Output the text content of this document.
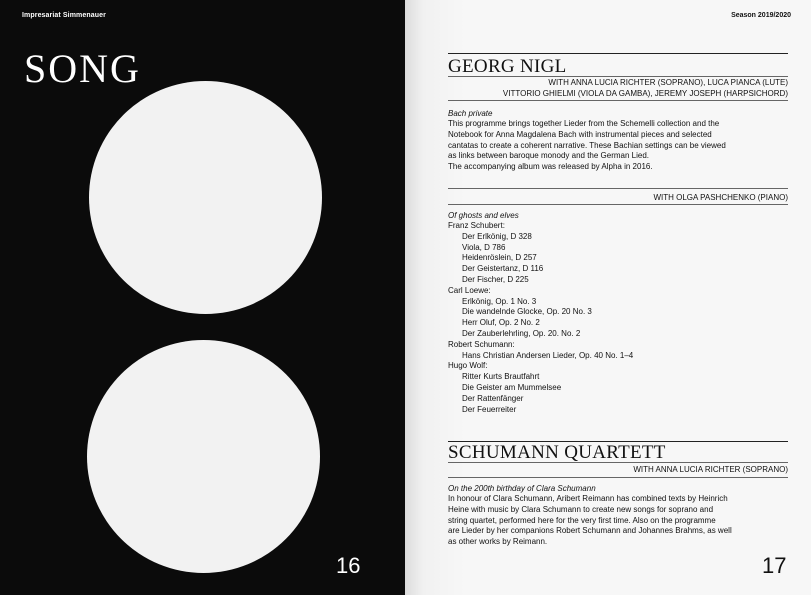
Impresariat Simmenauer
SONG
16
Season 2019/2020
GEORG NIGL
WITH ANNA LUCIA RICHTER (SOPRANO), LUCA PIANCA (LUTE)
VITTORIO GHIELMI (VIOLA DA GAMBA), JEREMY JOSEPH (HARPSICHORD)
Bach private

This programme brings together Lieder from the Schemelli collection and the

Notebook for Anna Magdalena Bach with instrumental pieces and selected

cantatas to create a coherent narrative. These Bachian settings can be viewed

as links between baroque monody and the German Lied.

The accompanying album was released by Alpha in 2016.

WITH OLGA PASHCHENKO (PIANO)
Of ghosts and elves
Franz Schubert:
Der Erlkönig, D 328
Viola, D 786
Heidenröslein, D 257
Der Geistertanz, D 116
Der Fischer, D 225
Carl Loewe:
Erlkönig, Op. 1 No. 3
Die wandelnde Glocke, Op. 20 No. 3
Herr Oluf, Op. 2 No. 2
Der Zauberlehrling, Op. 20. No. 2
Robert Schumann:
Hans Christian Andersen Lieder, Op. 40 No. 1–4
Hugo Wolf:
Ritter Kurts Brautfahrt
Die Geister am Mummelsee
Der Rattenfänger
Der Feuerreiter
SCHUMANN QUARTETT
WITH ANNA LUCIA RICHTER (SOPRANO)
On the 200th birthday of Clara Schumann

In honour of Clara Schumann, Aribert Reimann has combined texts by Heinrich

Heine with music by Clara Schumann to create new songs for soprano and

string quartet, performed here for the very first time. Also on the programme

are Lieder by her companions Robert Schumann and Johannes Brahms, as well

as other works by Reimann.

17
